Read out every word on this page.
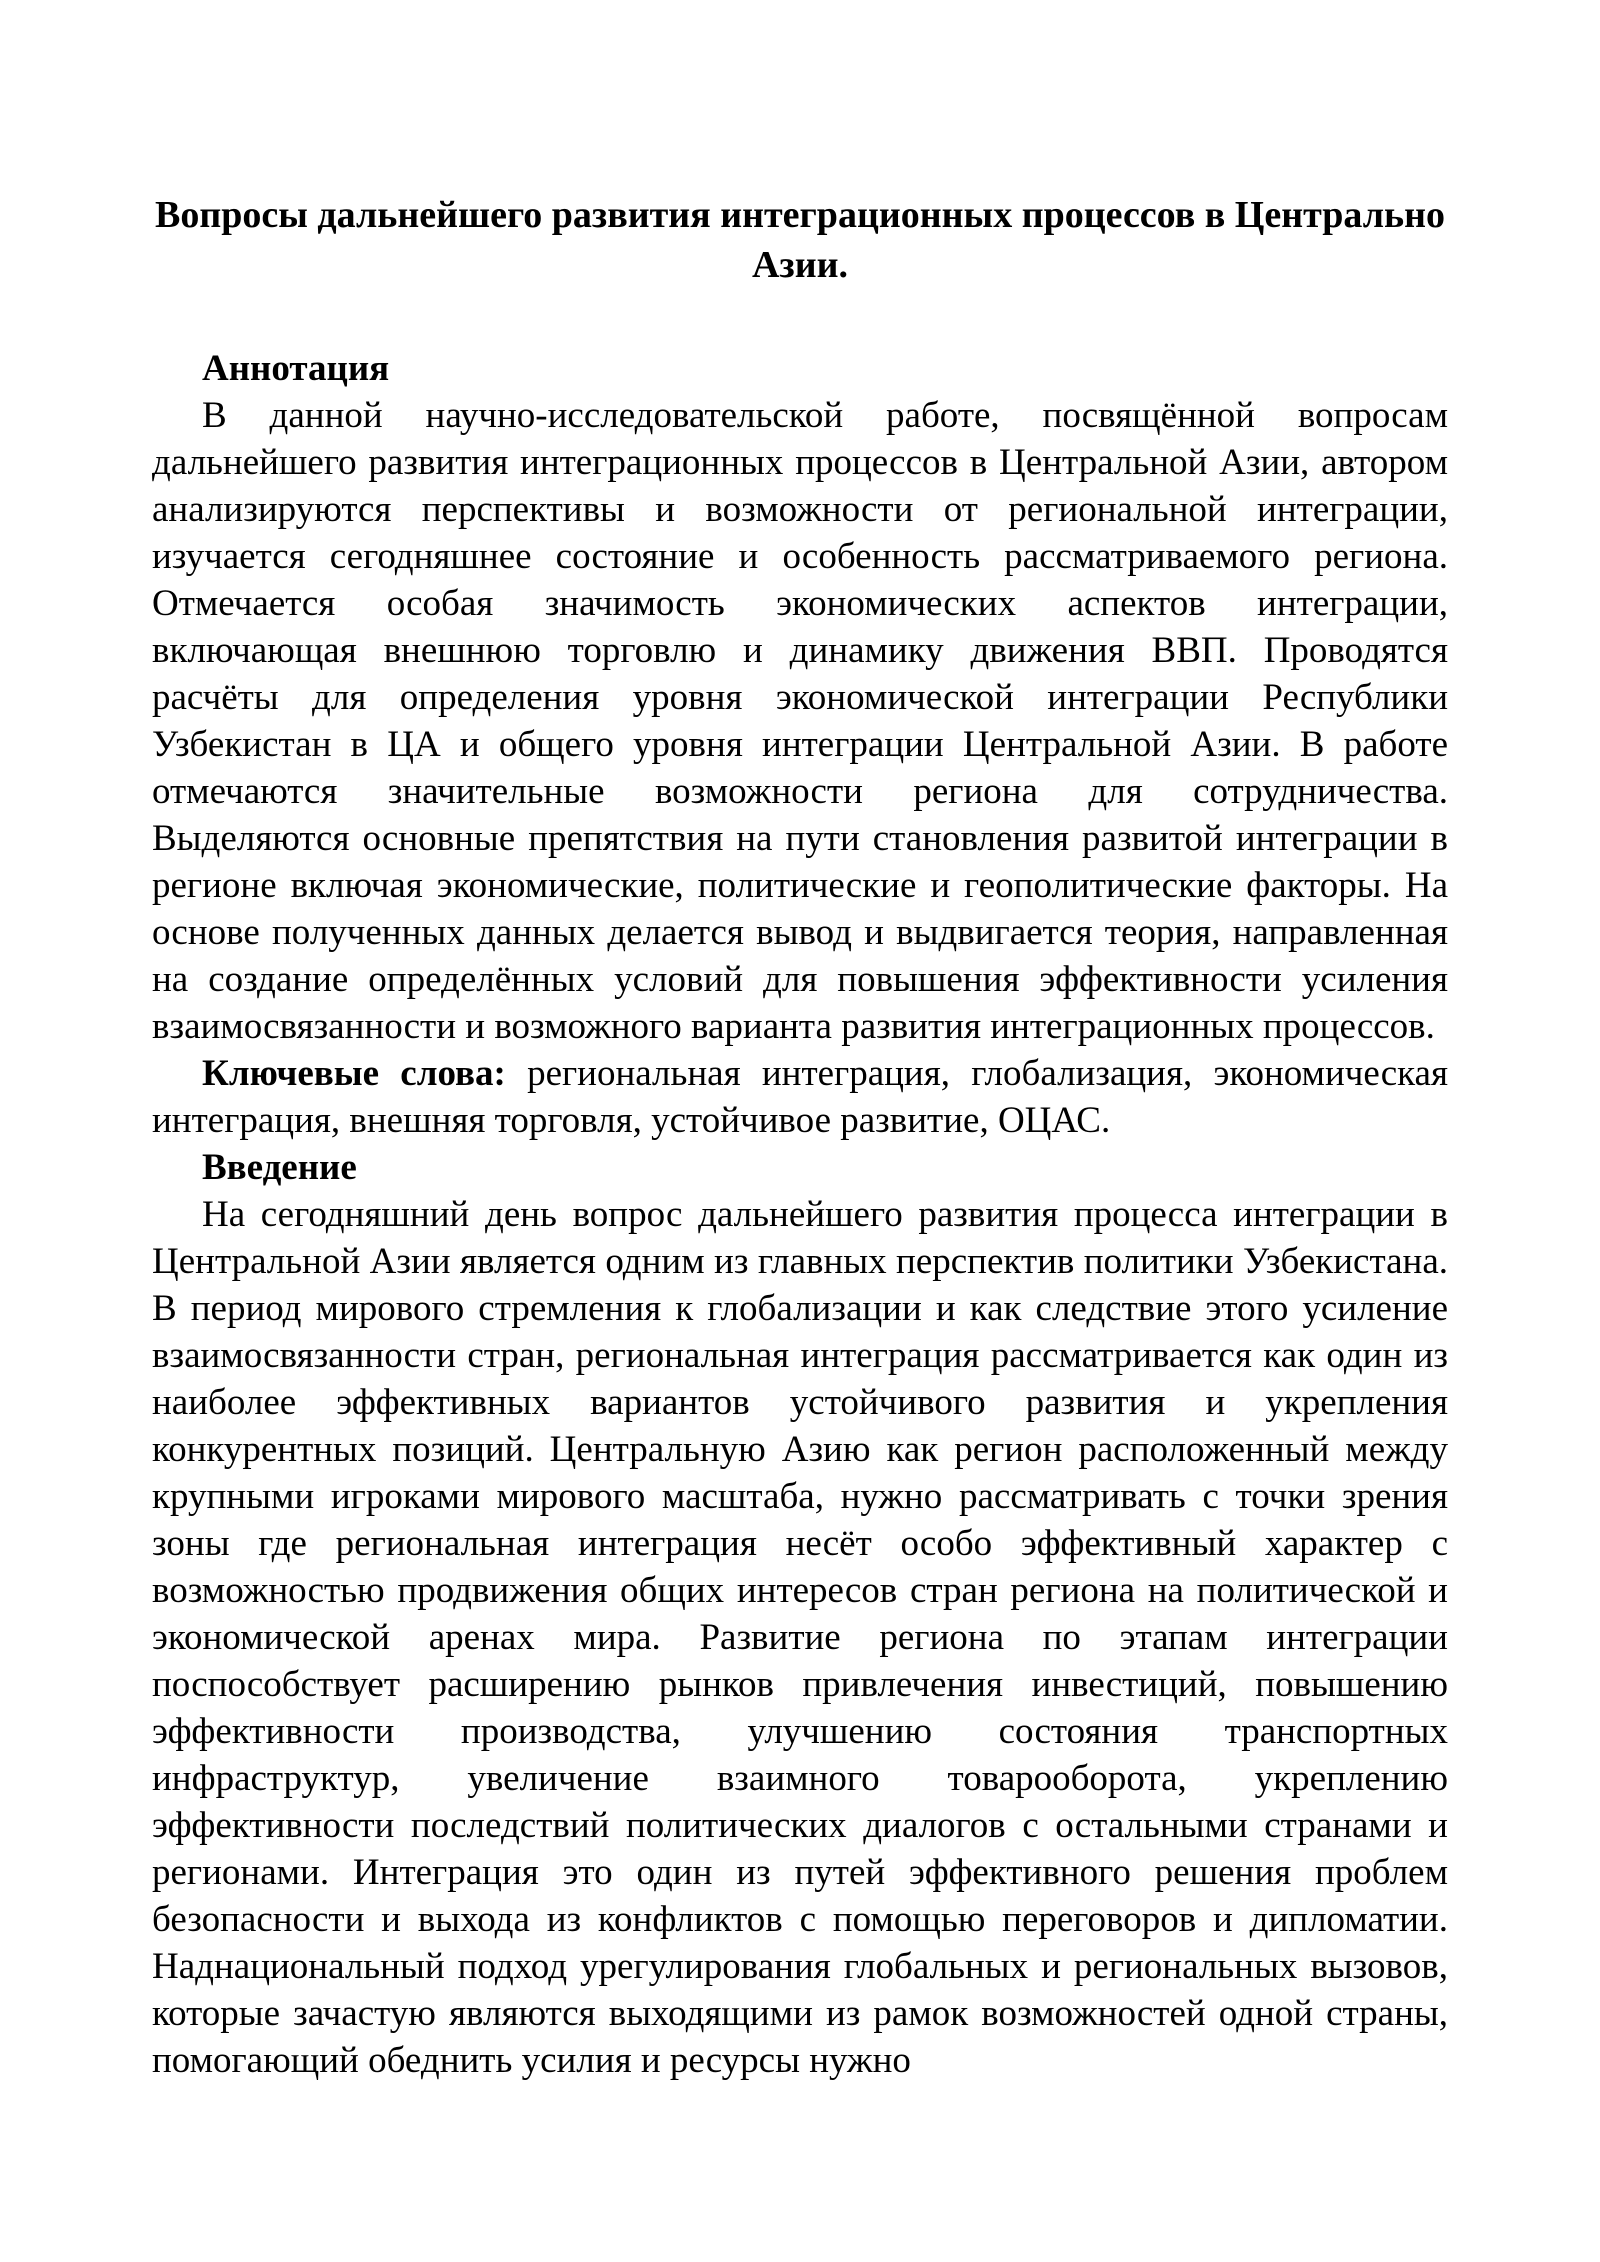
Вопросы дальнейшего развития интеграционных процессов в Центрально Азии.

Аннотация

В данной научно-исследовательской работе, посвящённой вопросам дальнейшего развития интеграционных процессов в Центральной Азии, автором анализируются перспективы и возможности от региональной интеграции, изучается сегодняшнее состояние и особенность рассматриваемого региона. Отмечается особая значимость экономических аспектов интеграции, включающая внешнюю торговлю и динамику движения ВВП. Проводятся расчёты для определения уровня экономической интеграции Республики Узбекистан в ЦА и общего уровня интеграции Центральной Азии. В работе отмечаются значительные возможности региона для сотрудничества. Выделяются основные препятствия на пути становления развитой интеграции в регионе включая экономические, политические и геополитические факторы. На основе полученных данных делается вывод и выдвигается теория, направленная на создание определённых условий для повышения эффективности усиления взаимосвязанности и возможного варианта развития интеграционных процессов.

Ключевые слова: региональная интеграция, глобализация, экономическая интеграция, внешняя торговля, устойчивое развитие, ОЦАС.

Введение

На сегодняшний день вопрос дальнейшего развития процесса интеграции в Центральной Азии является одним из главных перспектив политики Узбекистана. В период мирового стремления к глобализации и как следствие этого усиление взаимосвязанности стран, региональная интеграция рассматривается как один из наиболее эффективных вариантов устойчивого развития и укрепления конкурентных позиций. Центральную Азию как регион расположенный между крупными игроками мирового масштаба, нужно рассматривать с точки зрения зоны где региональная интеграция несёт особо эффективный характер с возможностью продвижения общих интересов стран региона на политической и экономической аренах мира. Развитие региона по этапам интеграции поспособствует расширению рынков привлечения инвестиций, повышению эффективности производства, улучшению состояния транспортных инфраструктур, увеличение взаимного товарооборота, укреплению эффективности последствий политических диалогов с остальными странами и регионами. Интеграция это один из путей эффективного решения проблем безопасности и выхода из конфликтов с помощью переговоров и дипломатии. Наднациональный подход урегулирования глобальных и региональных вызовов, которые зачастую являются выходящими из рамок возможностей одной страны, помогающий обеднить усилия и ресурсы нужно
